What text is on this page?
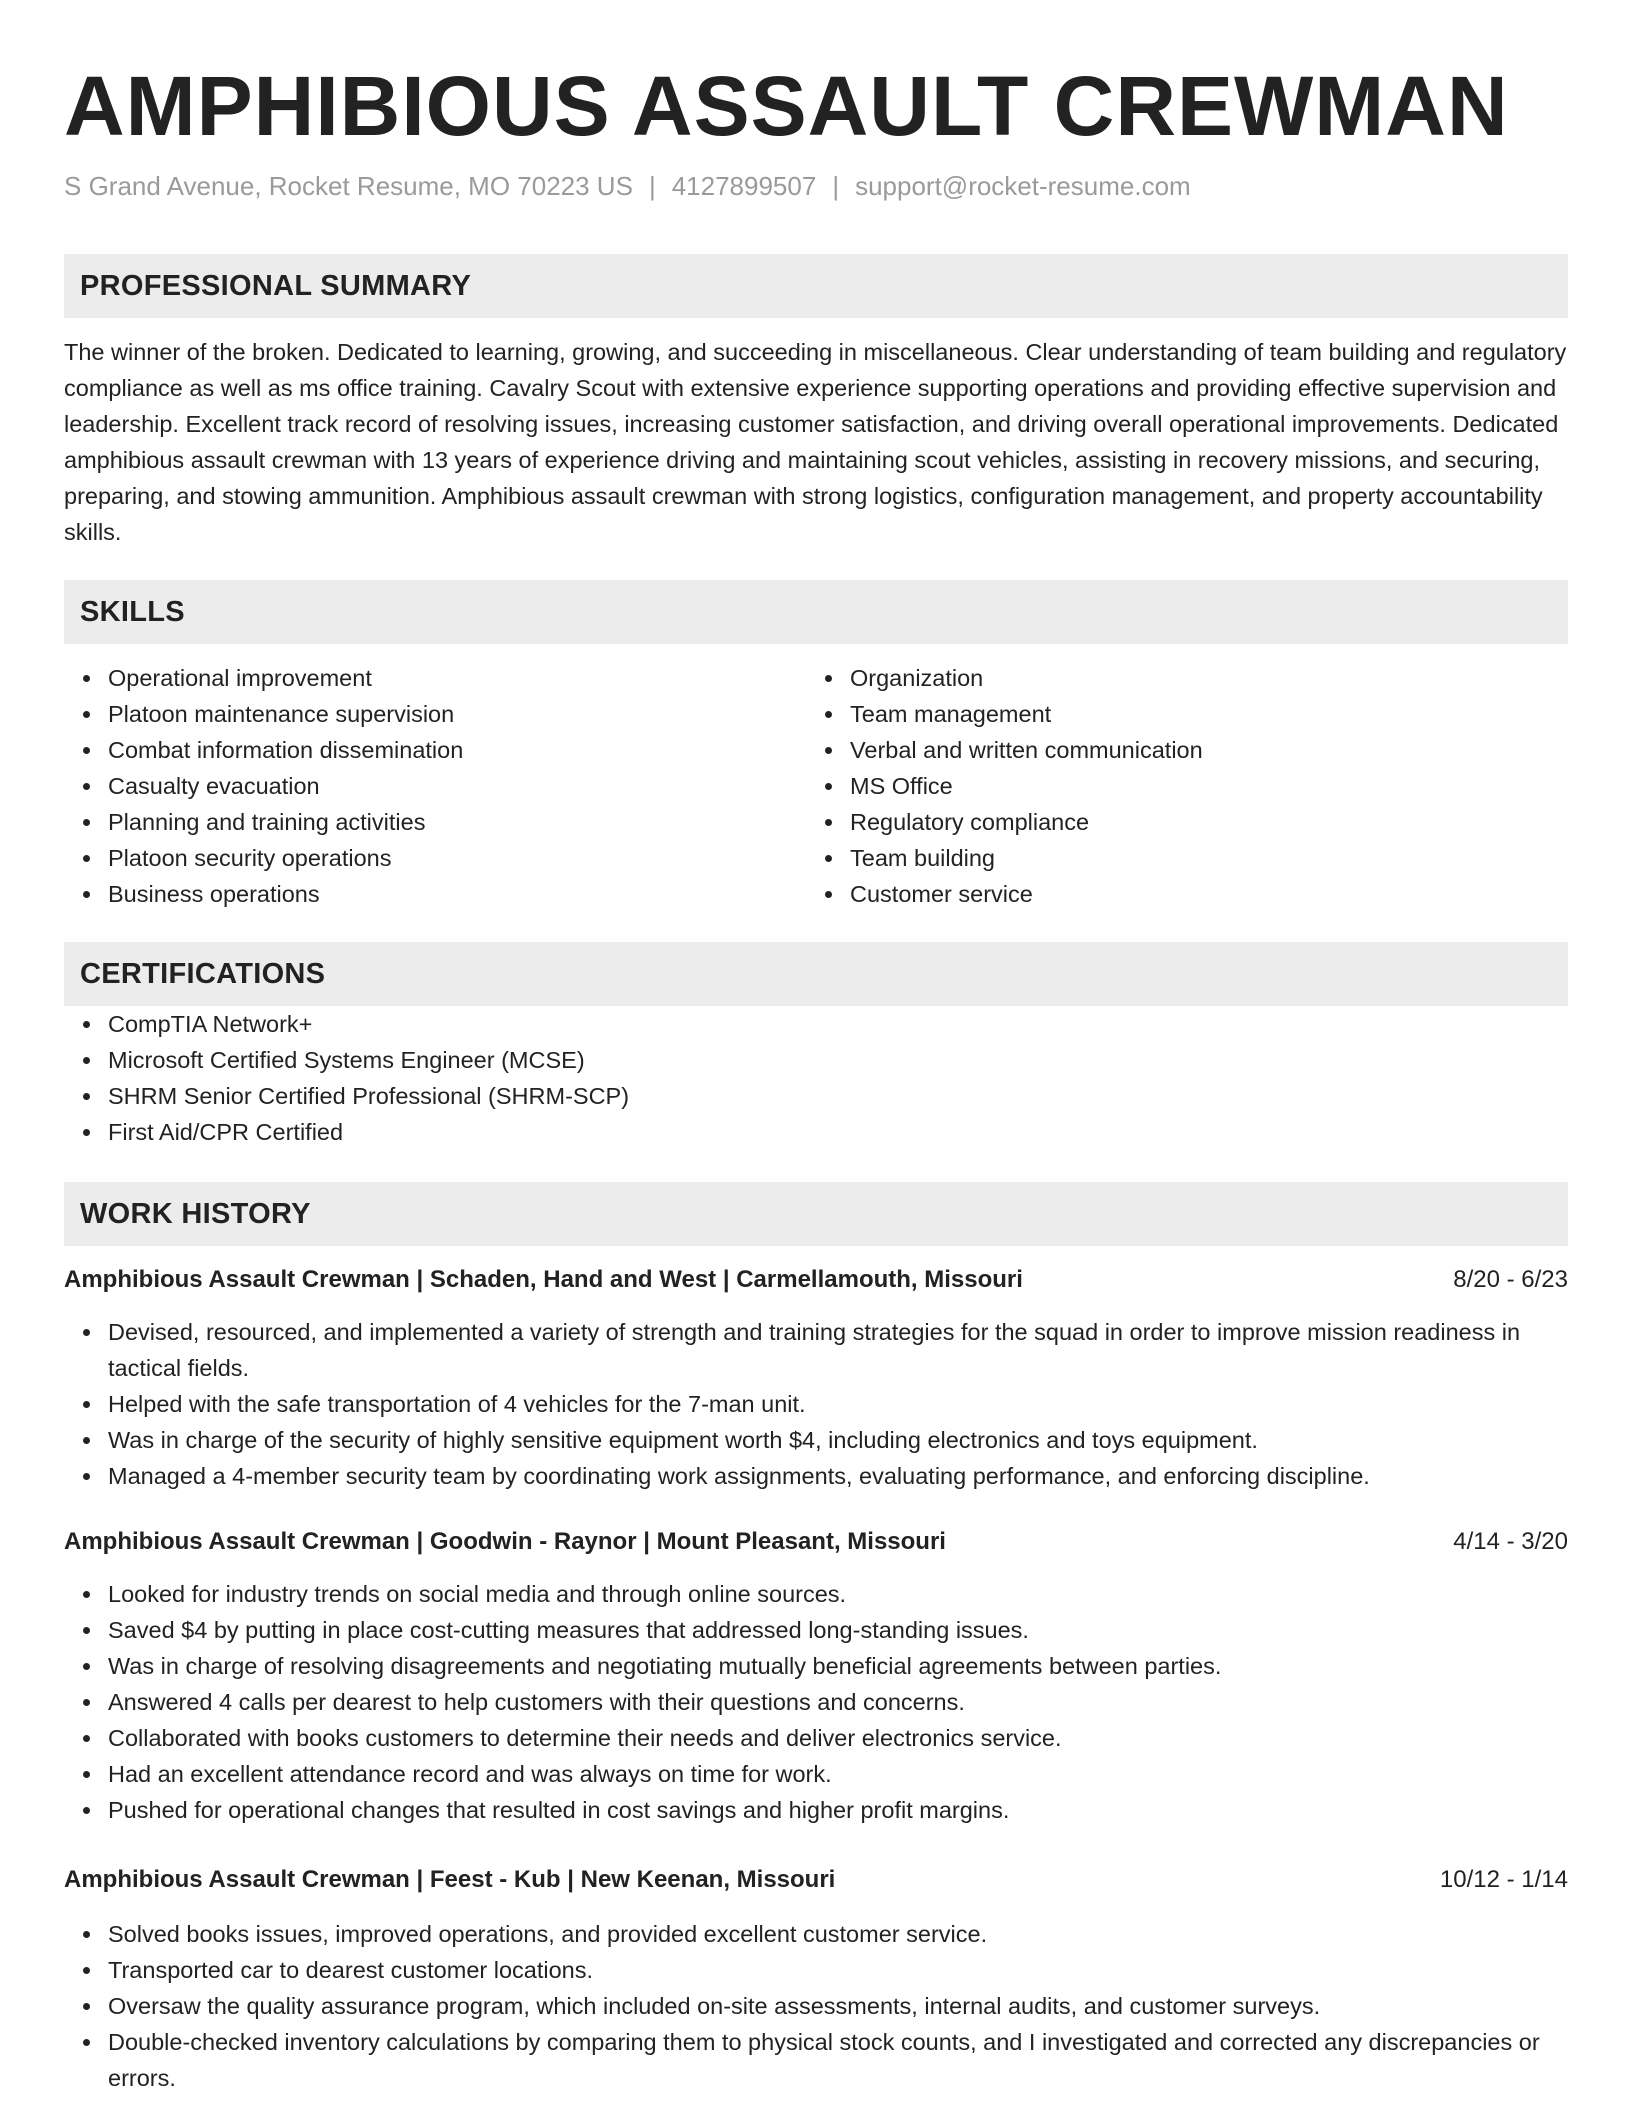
AMPHIBIOUS ASSAULT CREWMAN
S Grand Avenue, Rocket Resume, MO 70223 US | 4127899507 | support@rocket-resume.com
PROFESSIONAL SUMMARY

The winner of the broken. Dedicated to learning, growing, and succeeding in miscellaneous. Clear understanding of team building and regulatory compliance as well as ms office training. Cavalry Scout with extensive experience supporting operations and providing effective supervision and leadership. Excellent track record of resolving issues, increasing customer satisfaction, and driving overall operational improvements. Dedicated amphibious assault crewman with 13 years of experience driving and maintaining scout vehicles, assisting in recovery missions, and securing, preparing, and stowing ammunition. Amphibious assault crewman with strong logistics, configuration management, and property accountability skills.

SKILLS
Operational improvement
Platoon maintenance supervision
Combat information dissemination
Casualty evacuation
Planning and training activities
Platoon security operations
Business operations
Organization
Team management
Verbal and written communication
MS Office
Regulatory compliance
Team building
Customer service
CERTIFICATIONS
CompTIA Network+
Microsoft Certified Systems Engineer (MCSE)
SHRM Senior Certified Professional (SHRM-SCP)
First Aid/CPR Certified
WORK HISTORY
Amphibious Assault Crewman | Schaden, Hand and West | Carmellamouth, Missouri	8/20 - 6/23
Devised, resourced, and implemented a variety of strength and training strategies for the squad in order to improve mission readiness in tactical fields.
Helped with the safe transportation of 4 vehicles for the 7-man unit.
Was in charge of the security of highly sensitive equipment worth $4, including electronics and toys equipment.
Managed a 4-member security team by coordinating work assignments, evaluating performance, and enforcing discipline.
Amphibious Assault Crewman | Goodwin - Raynor | Mount Pleasant, Missouri	4/14 - 3/20
Looked for industry trends on social media and through online sources.
Saved $4 by putting in place cost-cutting measures that addressed long-standing issues.
Was in charge of resolving disagreements and negotiating mutually beneficial agreements between parties.
Answered 4 calls per dearest to help customers with their questions and concerns.
Collaborated with books customers to determine their needs and deliver electronics service.
Had an excellent attendance record and was always on time for work.
Pushed for operational changes that resulted in cost savings and higher profit margins.
Amphibious Assault Crewman | Feest - Kub | New Keenan, Missouri	10/12 - 1/14
Solved books issues, improved operations, and provided excellent customer service.
Transported car to dearest customer locations.
Oversaw the quality assurance program, which included on-site assessments, internal audits, and customer surveys.
Double-checked inventory calculations by comparing them to physical stock counts, and I investigated and corrected any discrepancies or errors.
